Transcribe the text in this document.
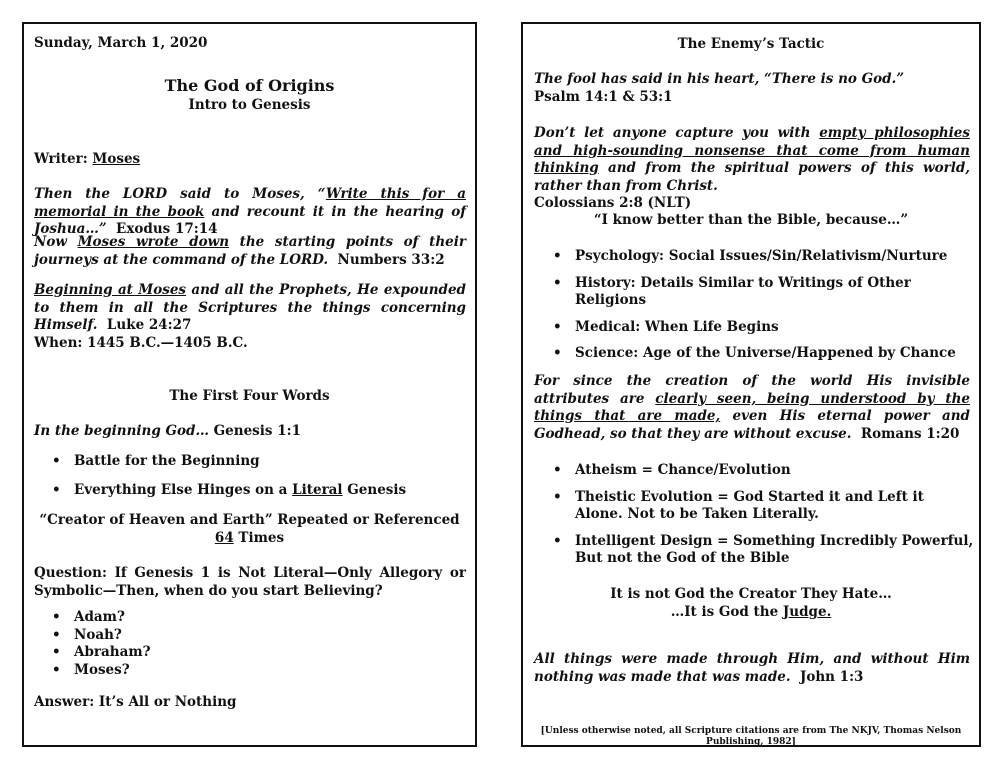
Sunday, March 1, 2020
The God of Origins
Intro to Genesis
Writer: Moses
Then the LORD said to Moses, “Write this for a memorial in the book and recount it in the hearing of Joshua…” Exodus 17:14
Now Moses wrote down the starting points of their journeys at the command of the LORD. Numbers 33:2
Beginning at Moses and all the Prophets, He expounded to them in all the Scriptures the things concerning Himself. Luke 24:27
When: 1445 B.C.—1405 B.C.
The First Four Words
In the beginning God… Genesis 1:1
• Battle for the Beginning
• Everything Else Hinges on a Literal Genesis
“Creator of Heaven and Earth” Repeated or Referenced
64 Times
Question: If Genesis 1 is Not Literal—Only Allegory or Symbolic—Then, when do you start Believing?
• Adam?
• Noah?
• Abraham?
• Moses?
Answer: It’s All or Nothing
The Enemy’s Tactic
The fool has said in his heart, “There is no God.”
Psalm 14:1 & 53:1
Don’t let anyone capture you with empty philosophies and high-sounding nonsense that come from human thinking and from the spiritual powers of this world, rather than from Christ.
Colossians 2:8 (NLT)
“I know better than the Bible, because…”
• Psychology: Social Issues/Sin/Relativism/Nurture
• History: Details Similar to Writings of Other Religions
• Medical: When Life Begins
• Science: Age of the Universe/Happened by Chance
For since the creation of the world His invisible attributes are clearly seen, being understood by the things that are made, even His eternal power and Godhead, so that they are without excuse. Romans 1:20
• Atheism = Chance/Evolution
• Theistic Evolution = God Started it and Left it Alone. Not to be Taken Literally.
• Intelligent Design = Something Incredibly Powerful, But not the God of the Bible
It is not God the Creator They Hate…
…It is God the Judge.
All things were made through Him, and without Him nothing was made that was made. John 1:3
[Unless otherwise noted, all Scripture citations are from The NKJV, Thomas Nelson Publishing, 1982]
